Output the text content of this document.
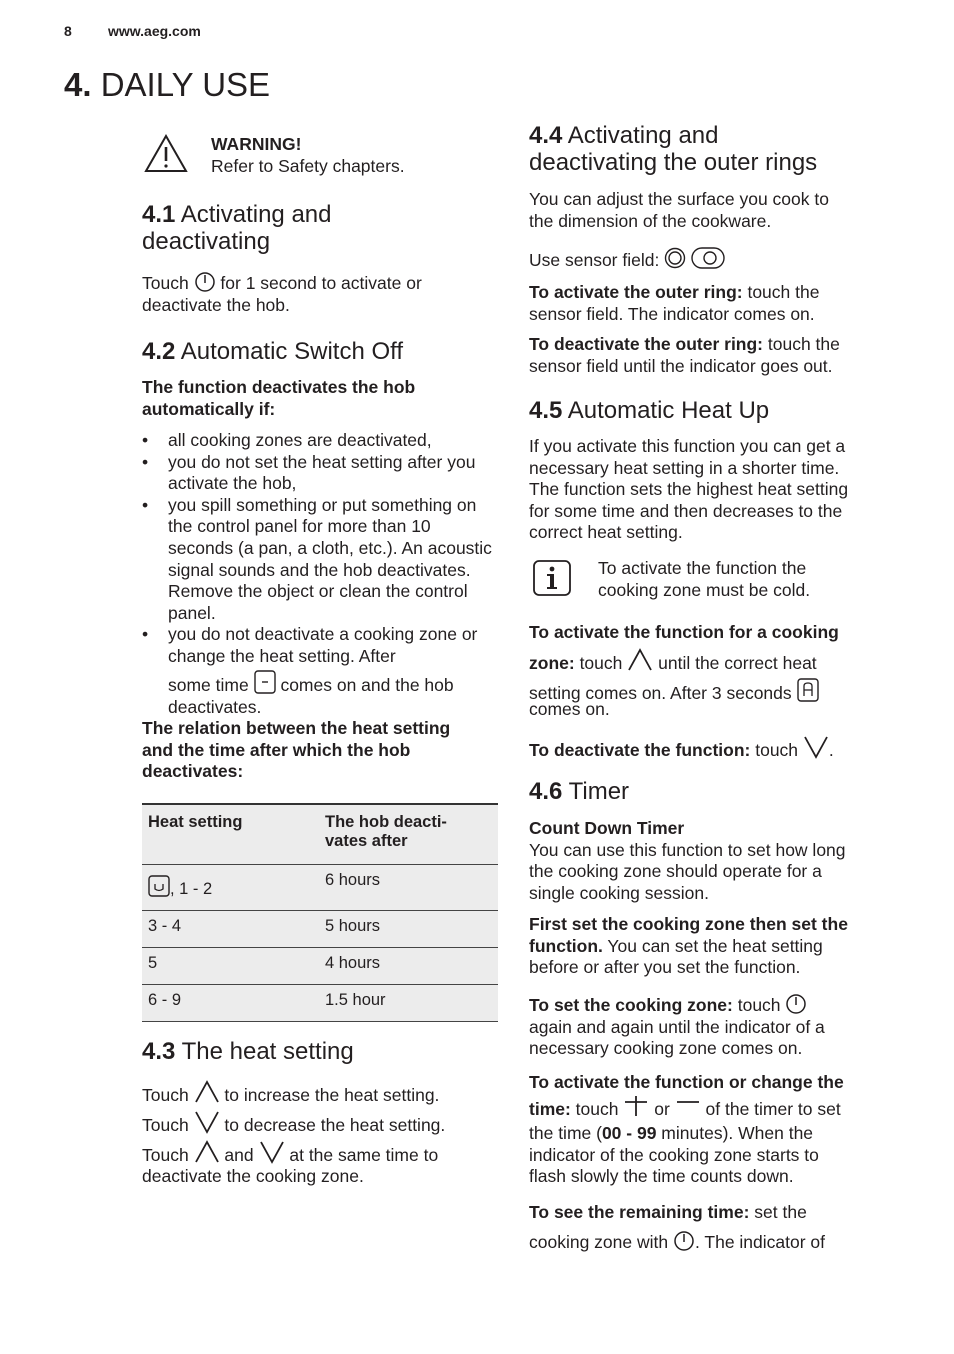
8	www.aeg.com
4. DAILY USE
WARNING!
Refer to Safety chapters.
4.1 Activating and
deactivating
Touch  for 1 second to activate or
deactivate the hob.
4.2 Automatic Switch Off
The function deactivates the hob
automatically if:
• all cooking zones are deactivated,
• you do not set the heat setting after you activate the hob,
• you spill something or put something on the control panel for more than 10 seconds (a pan, a cloth, etc.). An acoustic signal sounds and the hob deactivates. Remove the object or clean the control panel.
• you do not deactivate a cooking zone or change the heat setting. After
some time  comes on and the hob
deactivates.
The relation between the heat setting
and the time after which the hob
deactivates:
Heat setting	The hob deacti-
vates after
, 1 - 2	6 hours
3 - 4	5 hours
5	4 hours
6 - 9	1.5 hour
4.3 The heat setting
Touch  to increase the heat setting.
Touch  to decrease the heat setting.
Touch  and  at the same time to
deactivate the cooking zone.
4.4 Activating and
deactivating the outer rings
You can adjust the surface you cook to
the dimension of the cookware.
Use sensor field:
To activate the outer ring: touch the
sensor field. The indicator comes on.
To deactivate the outer ring: touch the
sensor field until the indicator goes out.
4.5 Automatic Heat Up
If you activate this function you can get a
necessary heat setting in a shorter time.
The function sets the highest heat setting
for some time and then decreases to the
correct heat setting.
To activate the function the
cooking zone must be cold.
To activate the function for a cooking
zone: touch  until the correct heat
setting comes on. After 3 seconds
comes on.
To deactivate the function: touch .
4.6 Timer
Count Down Timer
You can use this function to set how long
the cooking zone should operate for a
single cooking session.
First set the cooking zone then set the
function. You can set the heat setting
before or after you set the function.
To set the cooking zone: touch
again and again until the indicator of a
necessary cooking zone comes on.
To activate the function or change the
time: touch  or  of the timer to set
the time (00 - 99 minutes). When the
indicator of the cooking zone starts to
flash slowly the time counts down.
To see the remaining time: set the
cooking zone with . The indicator of
